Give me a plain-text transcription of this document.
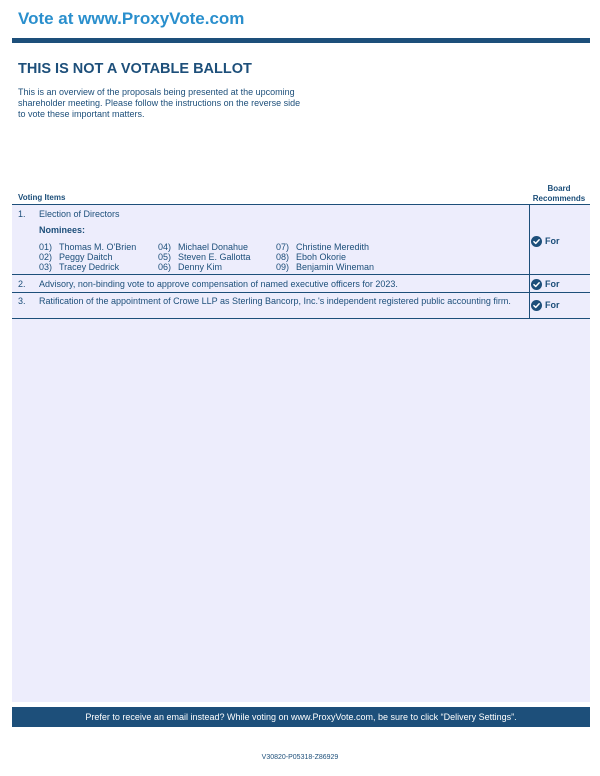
Vote at www.ProxyVote.com
THIS IS NOT A VOTABLE BALLOT
This is an overview of the proposals being presented at the upcoming shareholder meeting. Please follow the instructions on the reverse side to vote these important matters.
Voting Items
Board
Recommends
1. Election of Directors
Nominees:
01) Thomas M. O'Brien
02) Peggy Daitch
03) Tracey Dedrick
04) Michael Donahue
05) Steven E. Gallotta
06) Denny Kim
07) Christine Meredith
08) Eboh Okorie
09) Benjamin Wineman
For
2. Advisory, non-binding vote to approve compensation of named executive officers for 2023.	For
3. Ratification of the appointment of Crowe LLP as Sterling Bancorp, Inc.'s independent registered public accounting firm.	For
Prefer to receive an email instead? While voting on www.ProxyVote.com, be sure to click “Delivery Settings”.
V30820-P05318-Z86929
